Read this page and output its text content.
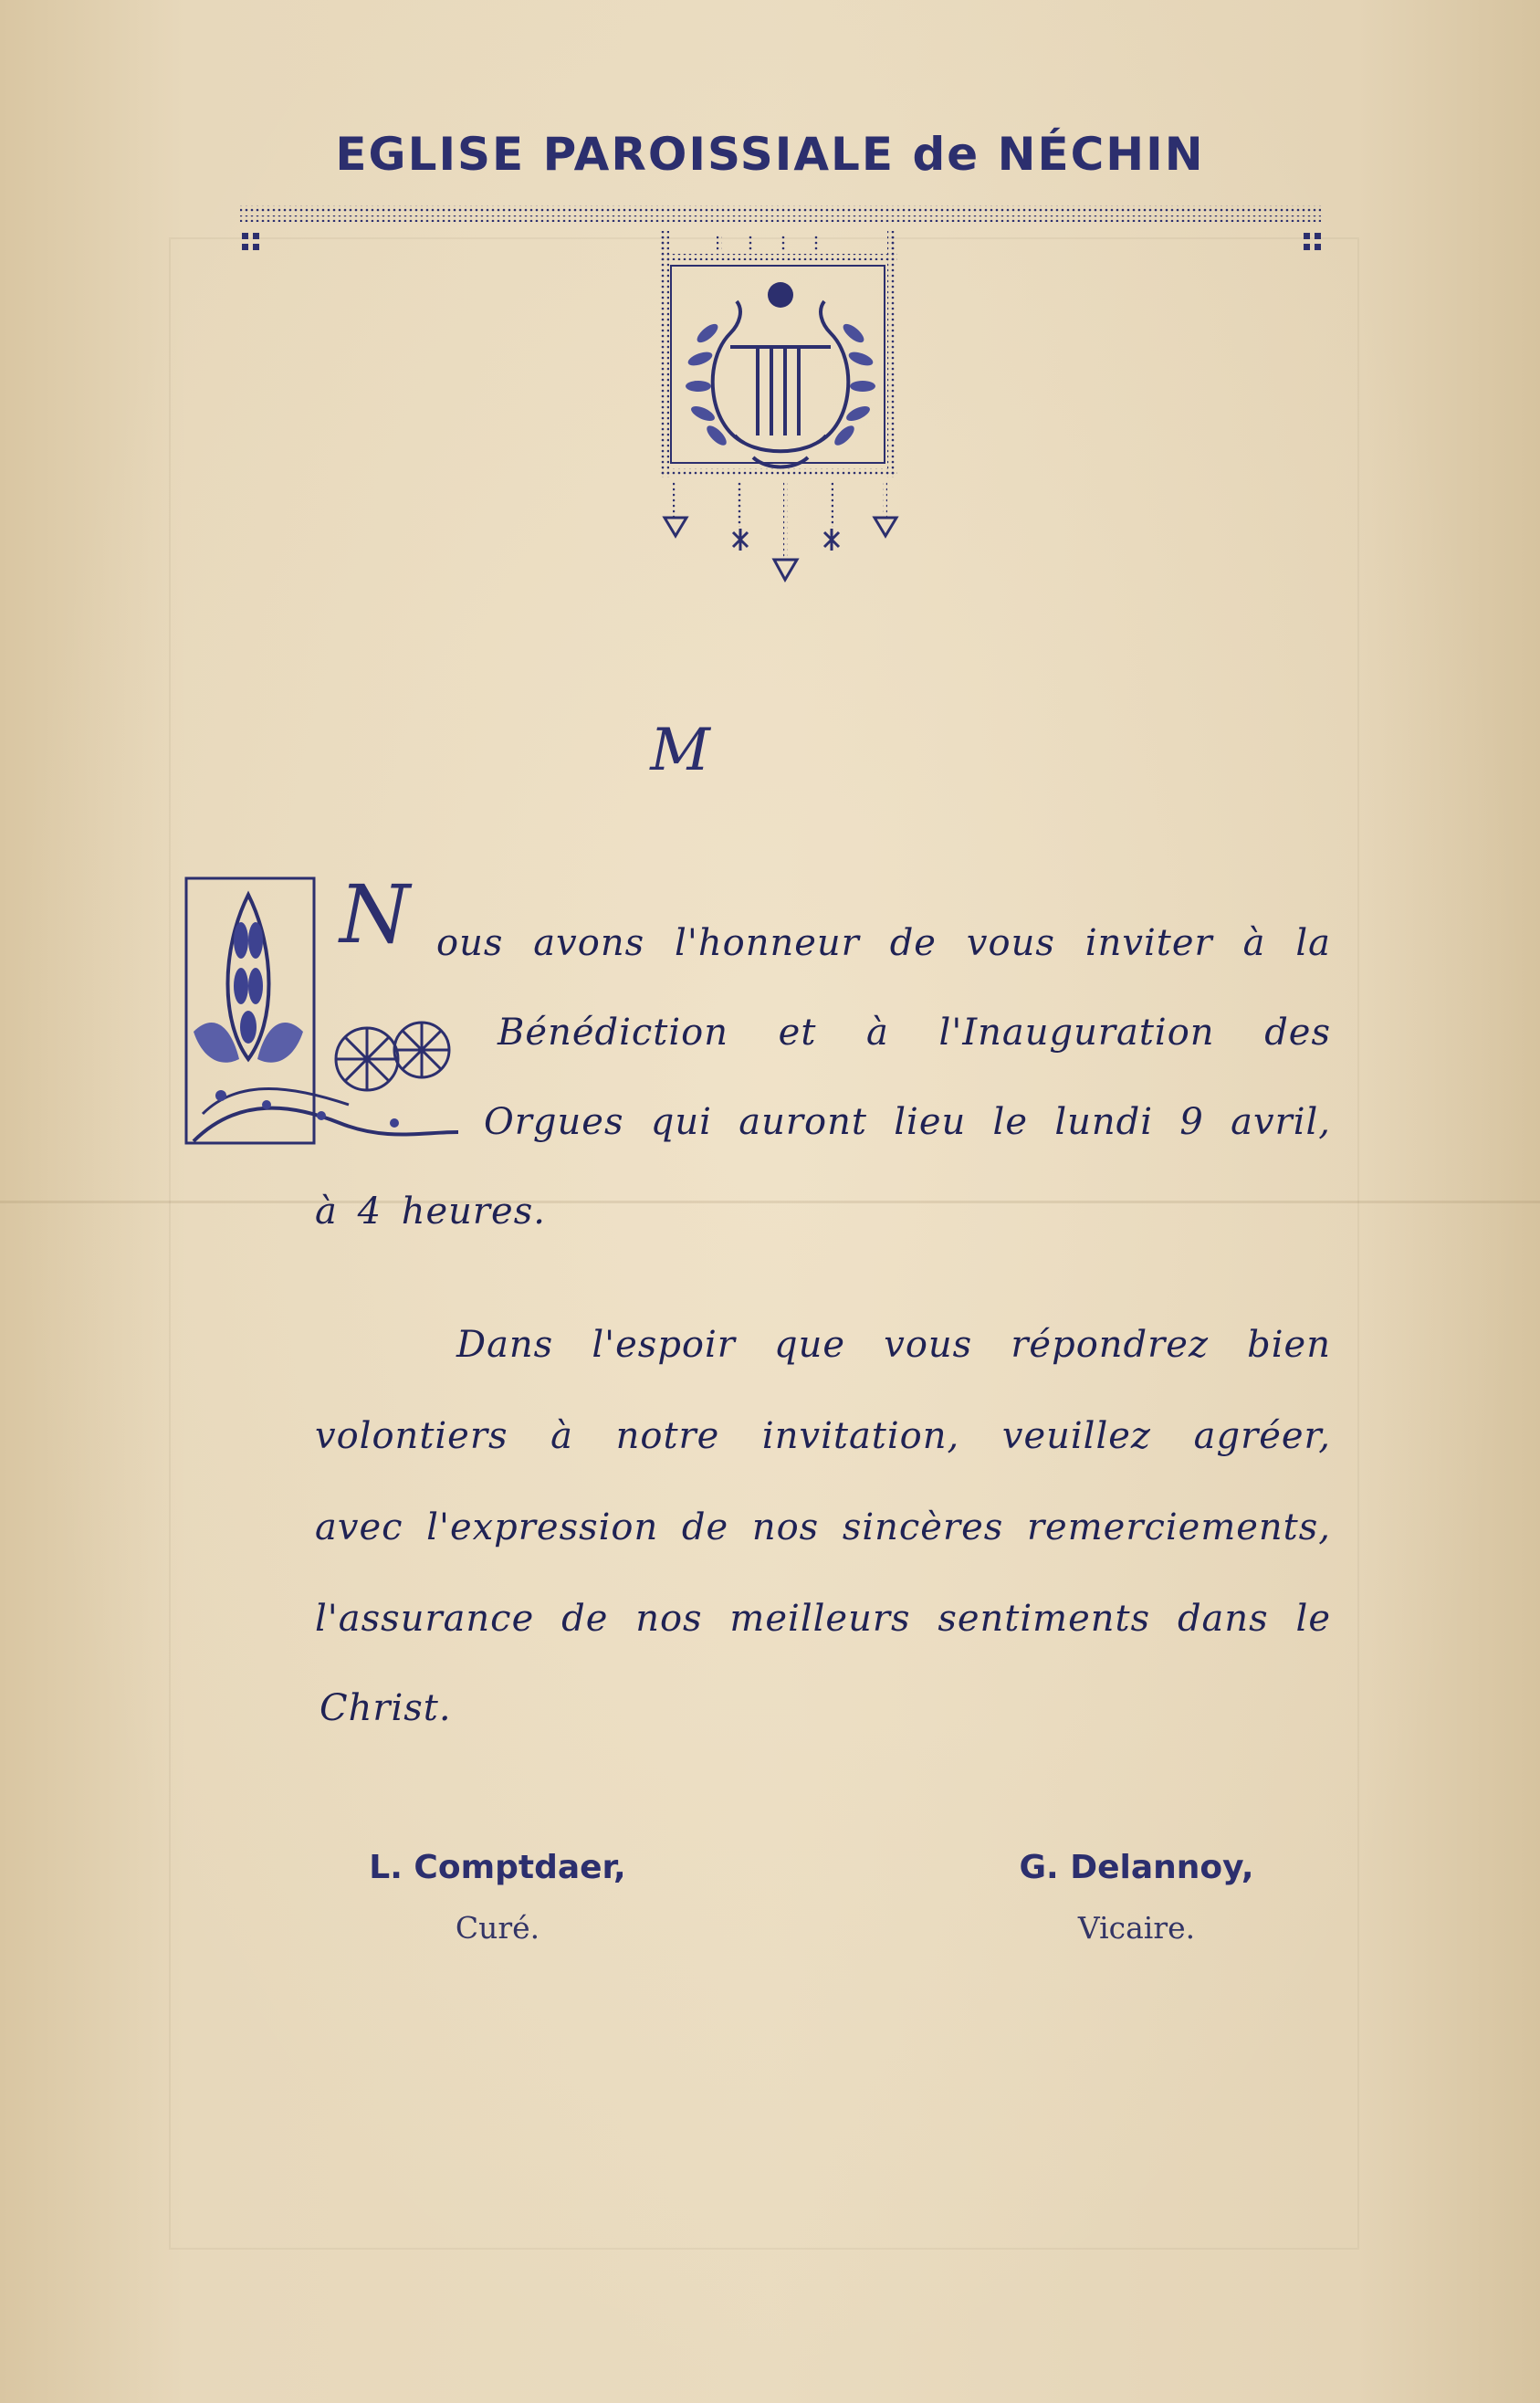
EGLISE PAROISSIALE de NÉCHIN
M
N ous avons l'honneur de vous inviter à la
Bénédiction et à l'Inauguration des
Orgues qui auront lieu le lundi 9 avril,
à 4 heures.
Dans l'espoir que vous répondrez bien
volontiers à notre invitation, veuillez agréer,
avec l'expression de nos sincères remerciements,
l'assurance de nos meilleurs sentiments dans le
Christ.
L. Comptdaer,
Curé.
G. Delannoy,
Vicaire.
